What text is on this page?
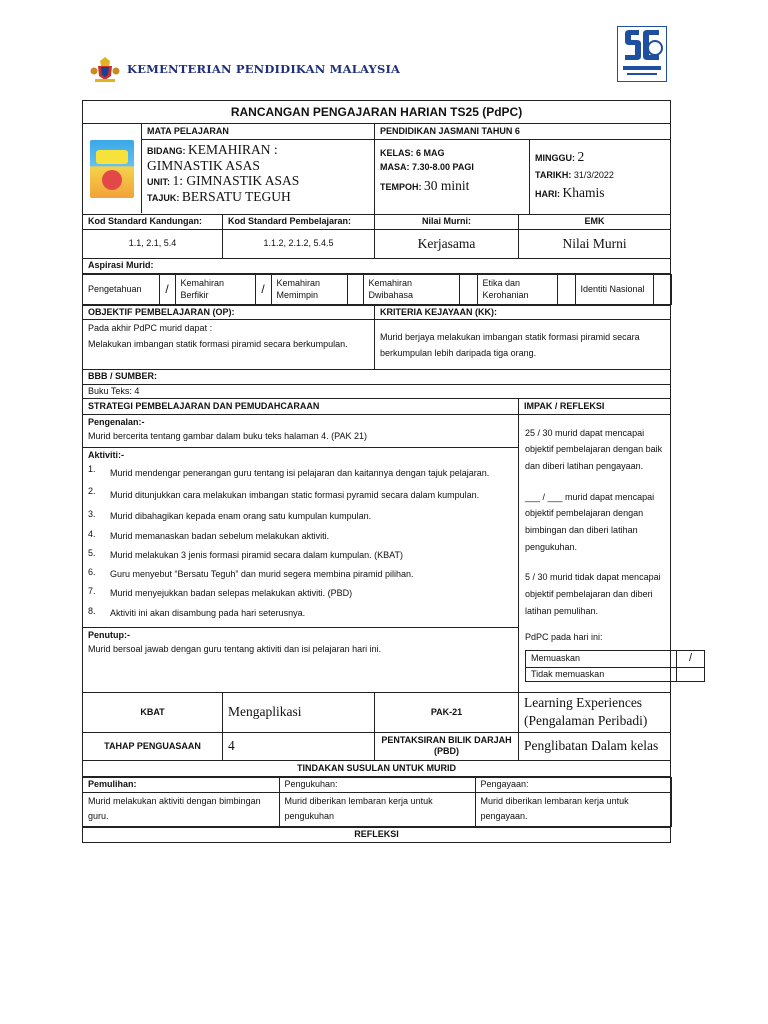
KEMENTERIAN PENDIDIKAN MALAYSIA
RANCANGAN PENGAJARAN HARIAN TS25 (PdPC)

MATA PELAJARAN
BIDANG: KEMAHIRAN :
GIMNASTIK ASAS
UNIT: 1: GIMNASTIK ASAS
TAJUK: BERSATU TEGUH

PENDIDIKAN JASMANI TAHUN 6
KELAS: 6 MAG
MASA: 7.30-8.00 PAGI
TEMPOH: 30 minit
MINGGU: 2
TARIKH: 31/3/2022
HARI: Khamis

Kod Standard Kandungan:	Kod Standard Pembelajaran:	Nilai Murni:	EMK
1.1, 2.1, 5.4	1.1.2, 2.1.2, 5.4.5	Kerjasama	Nilai Murni
Aspirasi Murid:

Pengetahuan	/	Kemahiran Berfikir	/	Kemahiran Memimpin		Kemahiran Dwibahasa		Etika dan Kerohanian		Identiti Nasional	

OBJEKTIF PEMBELAJARAN (OP):	KRITERIA KEJAYAAN (KK):

Pada akhir PdPC murid dapat :
Melakukan imbangan statik formasi piramid secara berkumpulan.
	Murid berjaya melakukan imbangan statik formasi piramid secara berkumpulan lebih daripada tiga orang.
BBB / SUMBER:
Buku Teks: 4
STRATEGI PEMBELAJARAN DAN PEMUDAHCARAAN	IMPAK / REFLEKSI

Pengenalan:-
Murid bercerita tentang gambar dalam buku teks halaman 4. (PAK 21)
Aktiviti:-
1.	Murid mendengar penerangan guru tentang isi pelajaran dan kaitannya dengan tajuk pelajaran.
2.	Murid ditunjukkan cara melakukan imbangan static formasi pyramid secara dalam kumpulan.
3.	Murid dibahagikan kepada enam orang satu kumpulan kumpulan.
4.	Murid memanaskan badan sebelum melakukan aktiviti.
5.	Murid melakukan 3 jenis formasi piramid secara dalam kumpulan. (KBAT)
6.	Guru menyebut “Bersatu Teguh” dan murid segera membina piramid pilihan.
7.	Murid menyejukkan badan selepas melakukan aktiviti. (PBD)
8.	Aktiviti ini akan disambung pada hari seterusnya.
Penutup:-
Murid bersoal jawab dengan guru tentang aktiviti dan isi pelajaran hari ini.

25 / 30 murid dapat mencapai objektif pembelajaran dengan baik dan diberi latihan pengayaan.
___ / ___ murid dapat mencapai objektif pembelajaran dengan bimbingan dan diberi latihan pengukuhan.
5 / 30 murid tidak dapat mencapai objektif pembelajaran dan diberi latihan pemulihan.
PdPC pada hari ini:
Memuaskan	/
Tidak memuaskan	

KBAT	Mengaplikasi	PAK-21	
Learning Experiences
(Pengalaman Peribadi)

TAHAP PENGUASAAN	4	PENTAKSIRAN BILIK DARJAH (PBD)	Penglibatan Dalam kelas
TINDAKAN SUSULAN UNTUK MURID

Pemulihan:	Pengukuhan:	Pengayaan:
Murid melakukan aktiviti dengan bimbingan guru.	Murid diberikan lembaran kerja untuk pengukuhan	Murid diberikan lembaran kerja untuk pengayaan.

REFLEKSI
